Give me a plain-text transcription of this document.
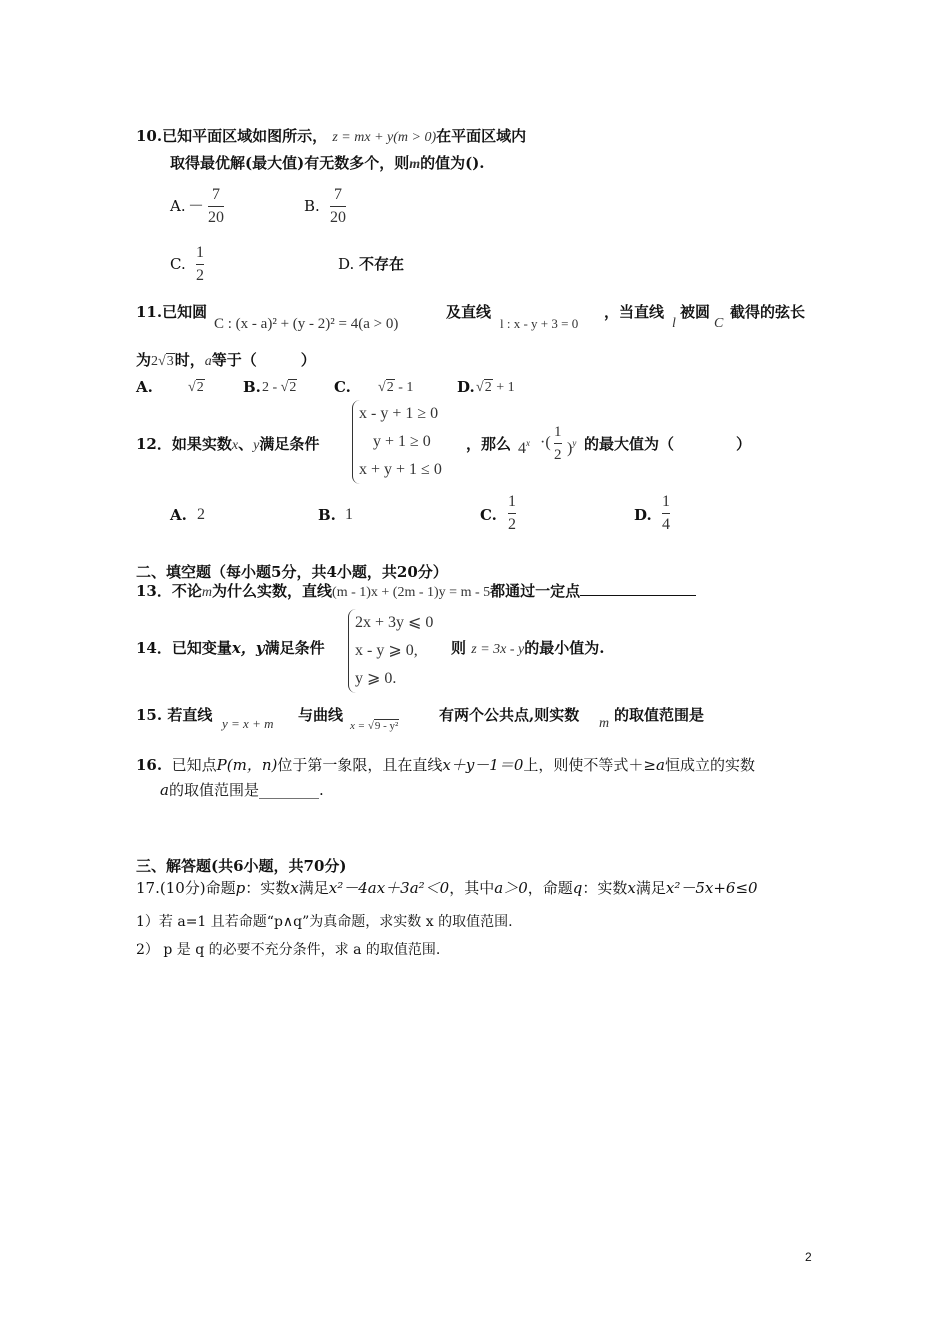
10.已知平面区域如图所示， z = mx + y(m > 0)在平面区域内
取得最优解(最大值)有无数多个，则m的值为().
A. －
7
20
B.
7
20
C.
1
2
D. 不存在
11.已知圆
C : (x - a)² + (y - 2)² = 4(a > 0)
及直线
l : x - y + 3 = 0
，当直线
l
被圆
C
截得的弦长
为2√3时，a等于（	）
A.	√2	B. 2 - √2	C. √2 - 1	D. √2 + 1
12．如果实数x、y满足条件
x - y + 1 ≥ 0
y + 1 ≥ 0
x + y + 1 ≤ 0
，那么 $4^x$ ·(
1
2 )$^y$ 的最大值为（	）
A. 2	B. 1	C.
1
2
D.
1
4
二、填空题（每小题5分，共4小题，共20分）
13．不论m为什么实数，直线(m - 1)x + (2m - 1)y = m - 5都通过一定点
14．已知变量x，y满足条件
2x + 3y ⩽ 0
x - y ⩾ 0,
y ⩾ 0.
则 z = 3x - y的最小值为.
15. 若直线 y = x + m 与曲线
x = √9 - y²
有两个公共点,则实数 m 的取值范围是
16. 已知点P(m，n)位于第一象限，且在直线x＋y－1＝0上，则使不等式＋≥a恒成立的实数
a的取值范围是________.
三、解答题(共6小题，共70分)
17.(10分)命题p：实数x满足x²－4ax＋3a²＜0，其中a＞0，命题q：实数x满足x²－5x+6≤0
1）若 a=1 且若命题“p∧q”为真命题，求实数 x 的取值范围.
2） p 是 q 的必要不充分条件，求 a 的取值范围.
2
